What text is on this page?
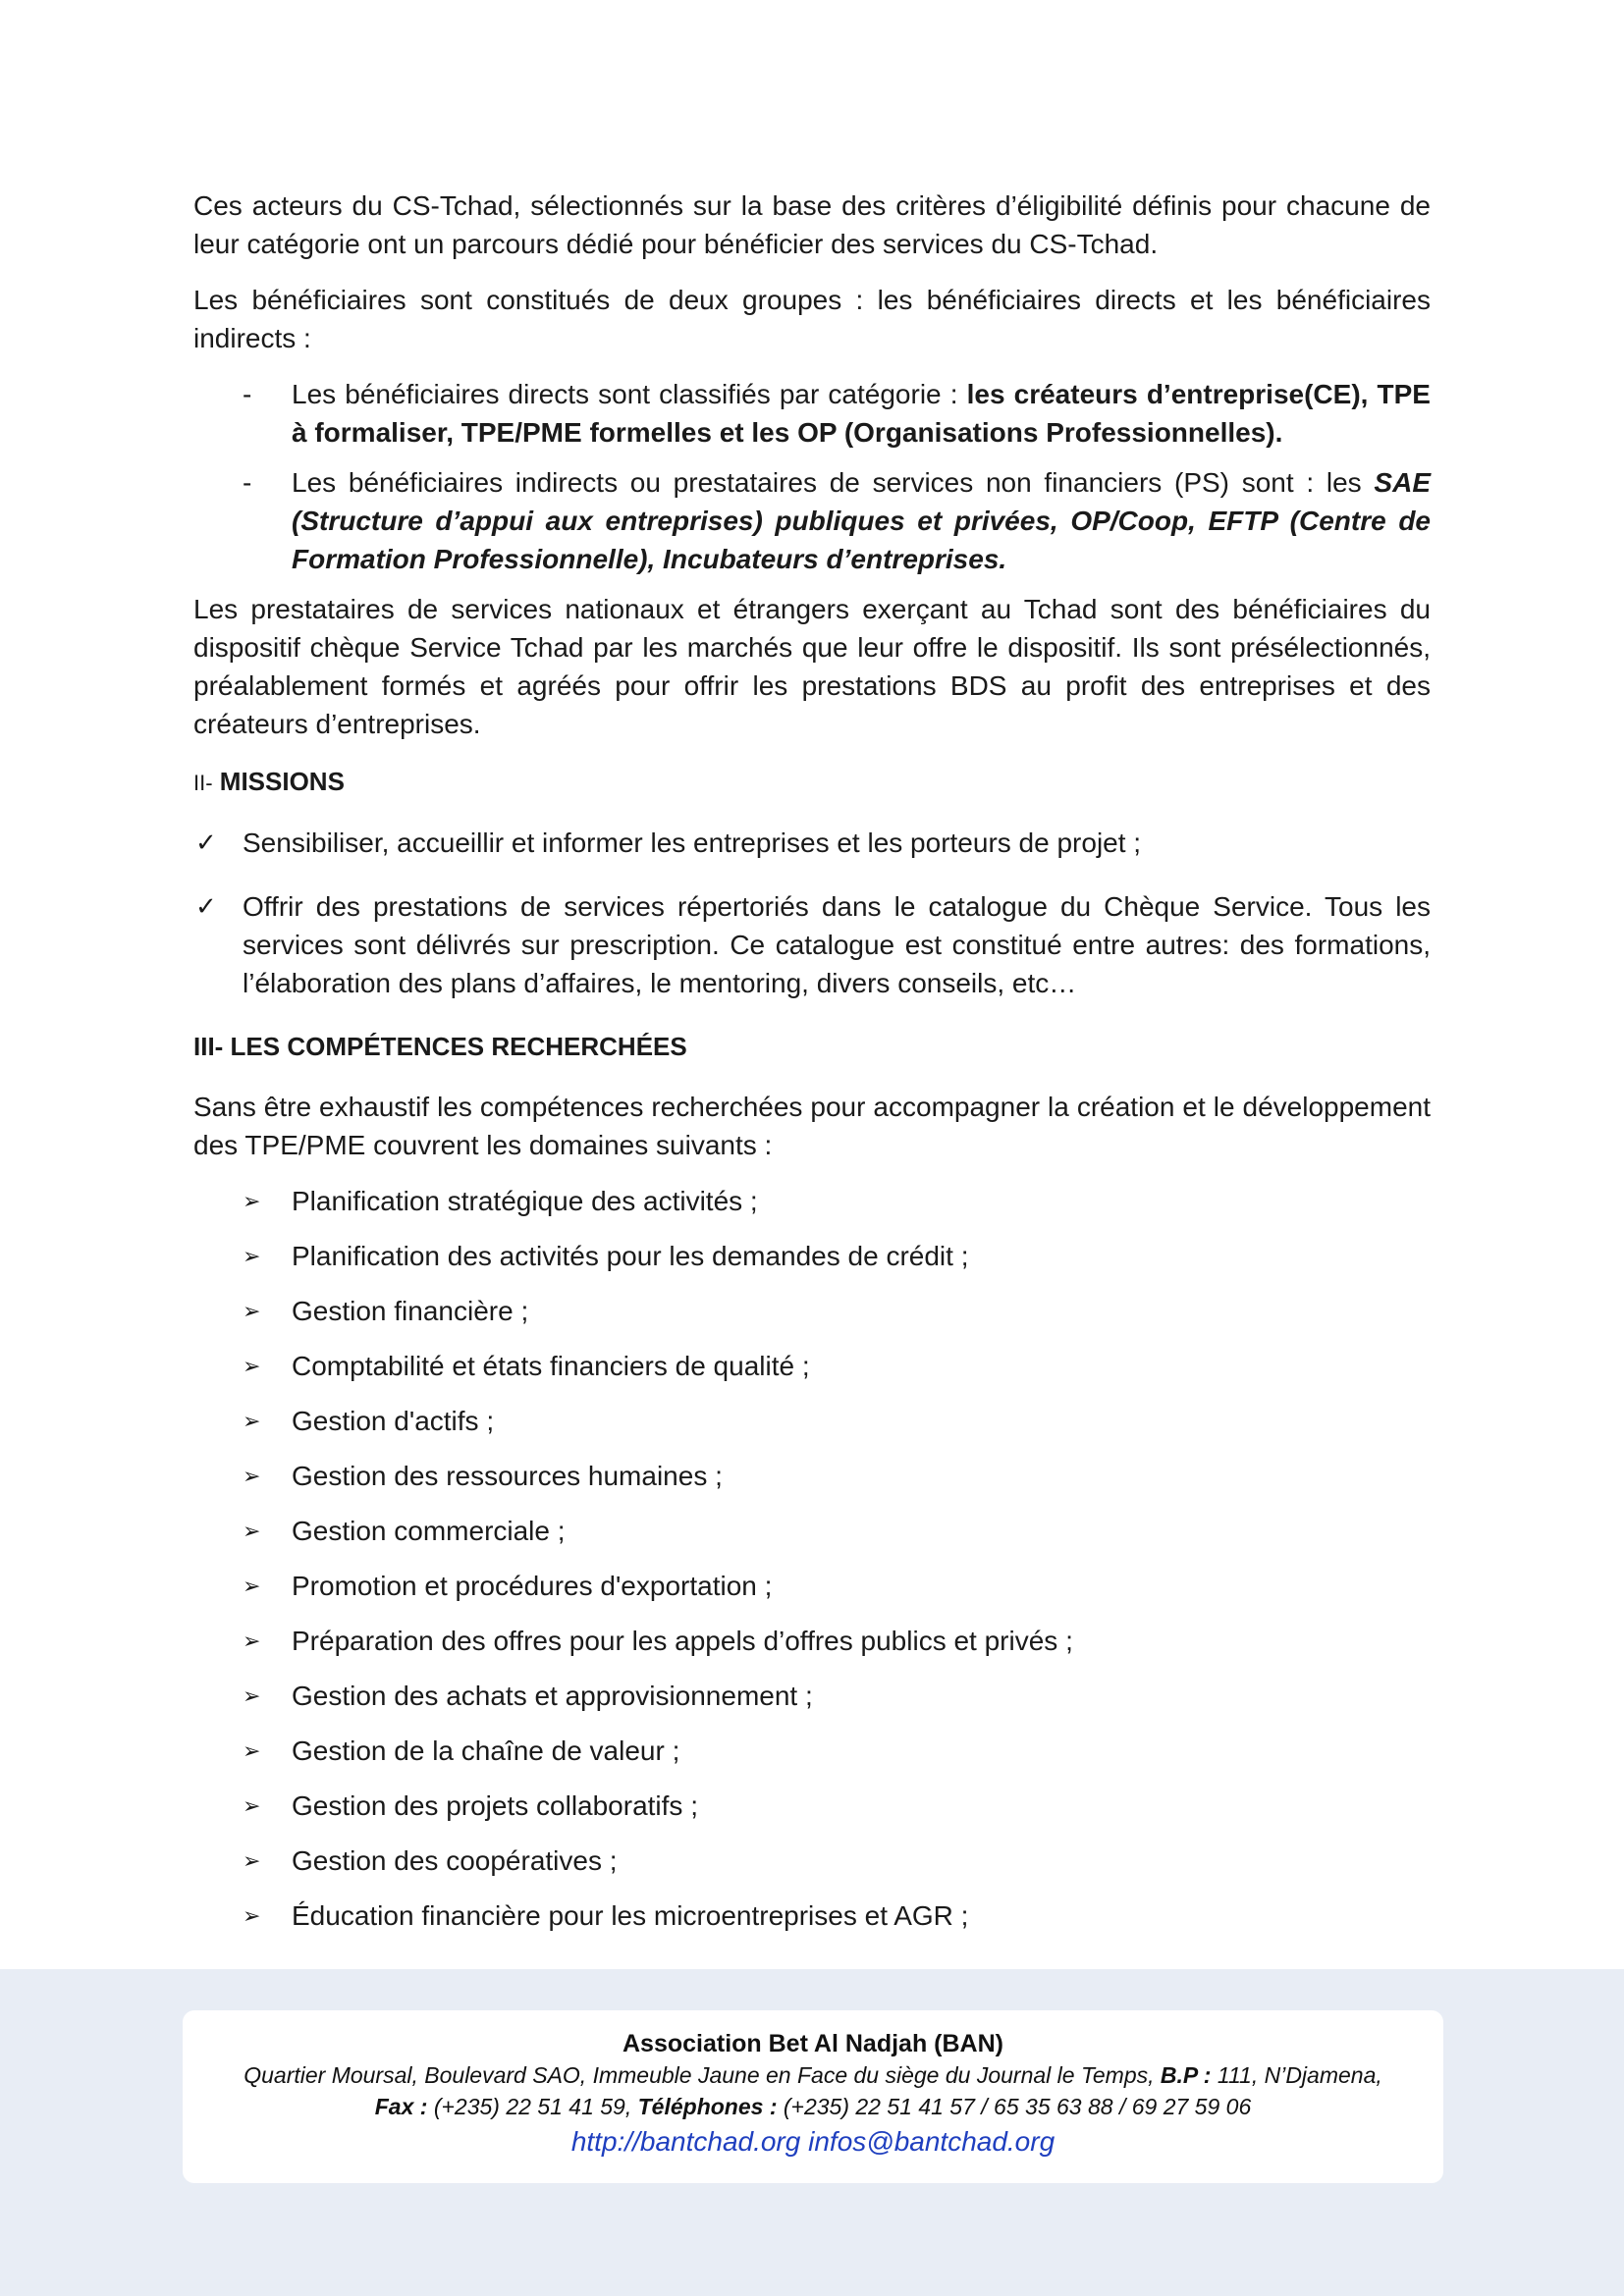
Ces acteurs du CS-Tchad, sélectionnés sur la base des critères d’éligibilité définis pour chacune de leur catégorie ont un parcours dédié pour bénéficier des services du CS-Tchad.

Les bénéficiaires sont constitués de deux groupes : les bénéficiaires directs et les bénéficiaires indirects :

- Les bénéficiaires directs sont classifiés par catégorie : les créateurs d’entreprise(CE), TPE à formaliser, TPE/PME formelles et les OP (Organisations Professionnelles).
- Les bénéficiaires indirects ou prestataires de services non financiers (PS) sont : les SAE (Structure d’appui aux entreprises) publiques et privées, OP/Coop, EFTP (Centre de Formation Professionnelle), Incubateurs d’entreprises.

Les prestataires de services nationaux et étrangers exerçant au Tchad sont des bénéficiaires du dispositif chèque Service Tchad par les marchés que leur offre le dispositif. Ils sont présélectionnés, préalablement formés et agréés pour offrir les prestations BDS au profit des entreprises et des créateurs d’entreprises.

II- MISSIONS
✓ Sensibiliser, accueillir et informer les entreprises et les porteurs de projet ;
✓ Offrir des prestations de services répertoriés dans le catalogue du Chèque Service. Tous les services sont délivrés sur prescription. Ce catalogue est constitué entre autres: des formations, l’élaboration des plans d’affaires, le mentoring, divers conseils, etc…
III- LES COMPÉTENCES RECHERCHÉES

Sans être exhaustif les compétences recherchées pour accompagner la création et le développement des TPE/PME couvrent les domaines suivants :

➢ Planification stratégique des activités ;
➢ Planification des activités pour les demandes de crédit ;
➢ Gestion financière ;
➢ Comptabilité et états financiers de qualité ;
➢ Gestion d'actifs ;
➢ Gestion des ressources humaines ;
➢ Gestion commerciale ;
➢ Promotion et procédures d'exportation ;
➢ Préparation des offres pour les appels d’offres publics et privés ;
➢ Gestion des achats et approvisionnement ;
➢ Gestion de la chaîne de valeur ;
➢ Gestion des projets collaboratifs ;
➢ Gestion des coopératives ;
➢ Éducation financière pour les microentreprises et AGR ;
Association Bet Al Nadjah (BAN)
Quartier Moursal, Boulevard SAO, Immeuble Jaune en Face du siège du Journal le Temps, B.P : 111, N’Djamena,
Fax : (+235) 22 51 41 59, Téléphones : (+235) 22 51 41 57 / 65 35 63 88 / 69 27 59 06
http://bantchad.org infos@bantchad.org
